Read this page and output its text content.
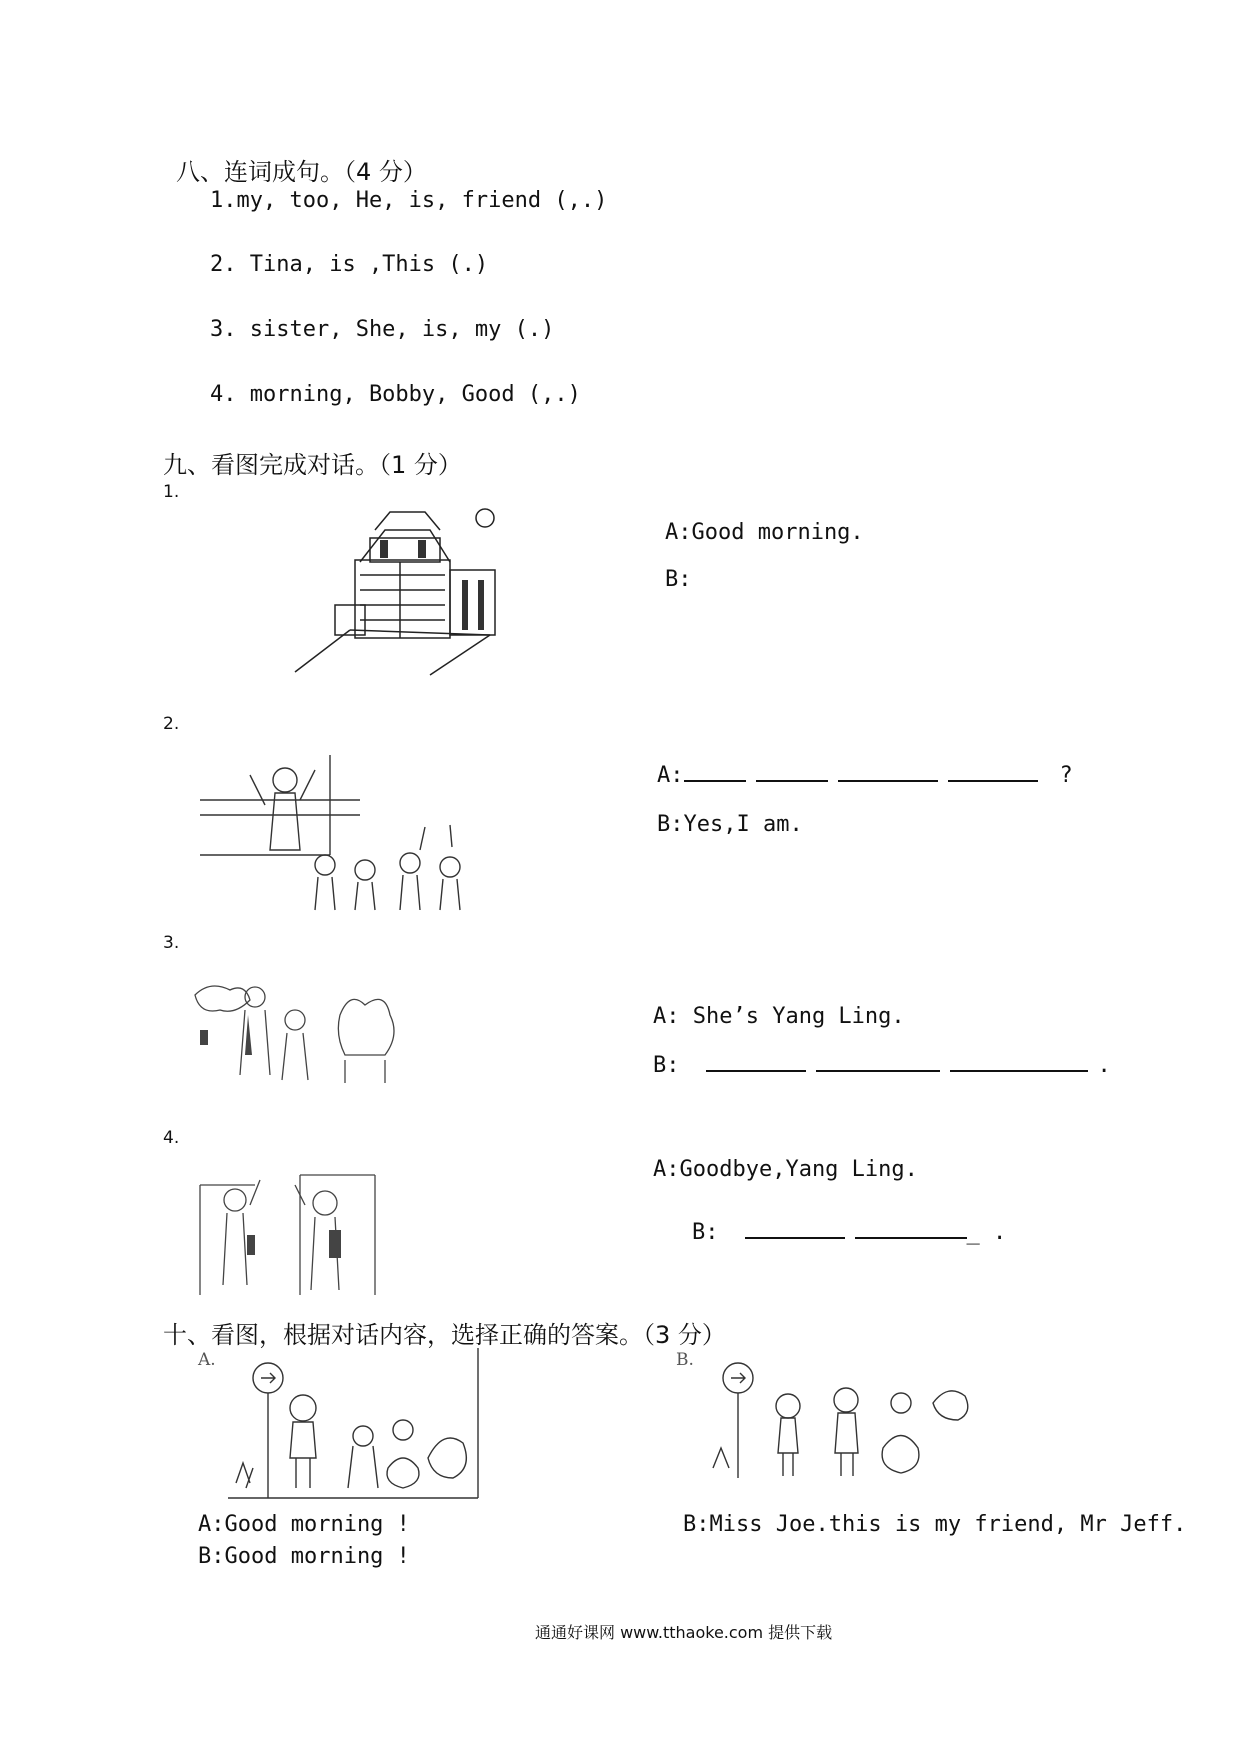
八、连词成句。（4 分）
1.my, too, He, is, friend (,.)
2. Tina, is ,This (.)
3. sister, She, is, my (.)
4. morning, Bobby, Good (,.)
九、看图完成对话。（1 分）
1.
A:Good morning.
B:
2.
A:	?
B:Yes,I am.
3.
A: She’s Yang Ling.
B:	.
4.
A:Goodbye,Yang Ling.
B:	_ .
十、看图，根据对话内容，选择正确的答案。（3 分）
A.	B.
A:Good morning !
B:Good morning !
B:Miss Joe.this is my friend, Mr Jeff.
通通好课网 www.tthaoke.com 提供下载
